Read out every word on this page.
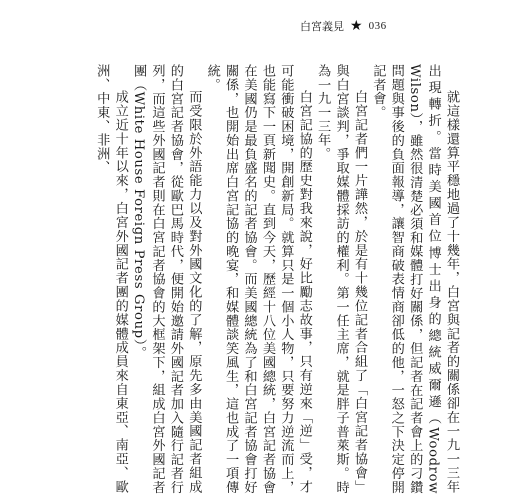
白宮義見 ★ 036

就這樣還算平穩地過了十幾年，白宮與記者的關係卻在一九一三年出現轉折。當時美國首位博士出身的總統威爾遜（Woodrow Wilson），雖然很清楚必須和媒體打好關係，但記者在記者會上的刁鑽問題與事後的負面報導，讓智商破表情商卻低的他，一怒之下決定停開記者會。

白宮記者們一片譁然，於是有十幾位記者合組了「白宮記者協會」與白宮談判，爭取媒體採訪的權利。第一任主席，就是胖子普萊斯。時為一九一三年。

白宮記協的歷史對我來說，好比勵志故事，只有逆來「逆」受，才可能衝破困境，開創新局。就算只是一個小人物，只要努力逆流而上，也能寫下一頁新聞史。直到今天，歷經十八位美國總統，白宮記者協會在美國仍是最負盛名的記者協會。而美國總統為了和白宮記者協會打好關係，也開始出席白宮記協的晚宴，和媒體談笑風生，這也成了一項傳統。

而受限於外語能力以及對外國文化的了解，原先多由美國記者組成的白宮記者協會，從歐巴馬時代，便開始邀請外國記者加入隨行記者行列，而這些外國記者則在白宮記者協會的大框架下，組成白宮外國記者團（White House Foreign Press Group）。

成立近十年以來，白宮外國記者團的媒體成員來自東亞、南亞、歐洲、中東、非洲、
